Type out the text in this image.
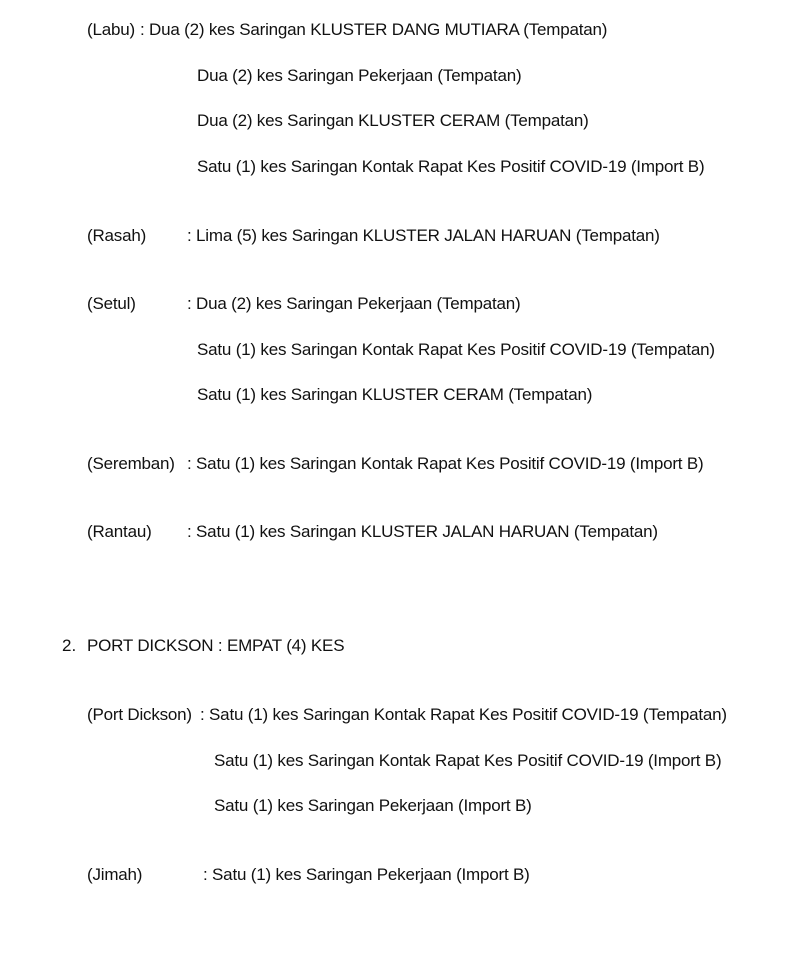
(Labu) : Dua (2) kes Saringan KLUSTER DANG MUTIARA (Tempatan)
Dua (2) kes Saringan Pekerjaan (Tempatan)
Dua (2) kes Saringan KLUSTER CERAM (Tempatan)
Satu (1) kes Saringan Kontak Rapat Kes Positif COVID-19 (Import B)
(Rasah) : Lima (5) kes Saringan KLUSTER JALAN HARUAN (Tempatan)
(Setul)	: Dua (2) kes Saringan Pekerjaan (Tempatan)
Satu (1) kes Saringan Kontak Rapat Kes Positif COVID-19 (Tempatan)
Satu (1) kes Saringan KLUSTER CERAM (Tempatan)
(Seremban) : Satu (1) kes Saringan Kontak Rapat Kes Positif COVID-19 (Import B)
(Rantau) : Satu (1) kes Saringan KLUSTER JALAN HARUAN (Tempatan)
2. PORT DICKSON : EMPAT (4) KES
(Port Dickson) : Satu (1) kes Saringan Kontak Rapat Kes Positif COVID-19 (Tempatan)
Satu (1) kes Saringan Kontak Rapat Kes Positif COVID-19 (Import B)
Satu (1) kes Saringan Pekerjaan (Import B)
(Jimah)	: Satu (1) kes Saringan Pekerjaan (Import B)
